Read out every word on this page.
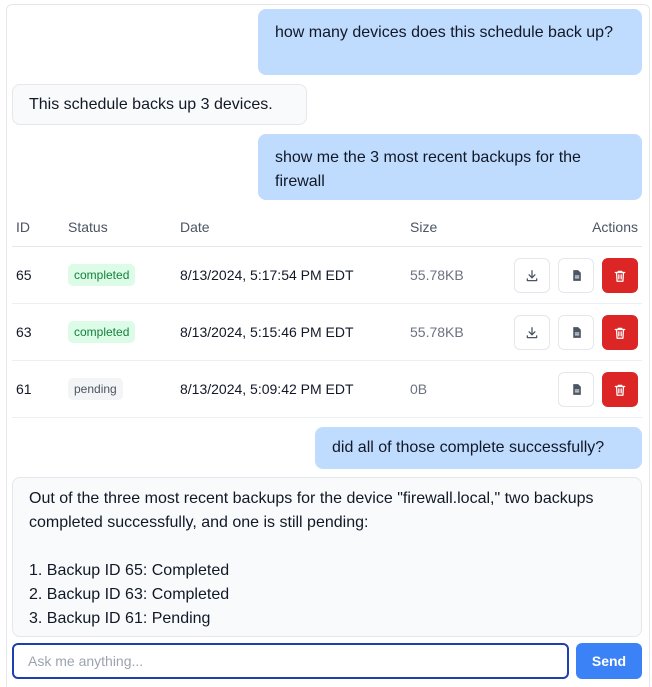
how many devices does this schedule back up?
This schedule backs up 3 devices.
show me the 3 most recent backups for the firewall
ID	Status	Date	Size	Actions
65	completed	8/13/2024, 5:17:54 PM EDT	55.78KB
63	completed	8/13/2024, 5:15:46 PM EDT	55.78KB
61	pending	8/13/2024, 5:09:42 PM EDT	0B
did all of those complete successfully?
Out of the three most recent backups for the device "firewall.local," two backups completed successfully, and one is still pending:

1. Backup ID 65: Completed
2. Backup ID 63: Completed
3. Backup ID 61: Pending
Ask me anything...
Send
